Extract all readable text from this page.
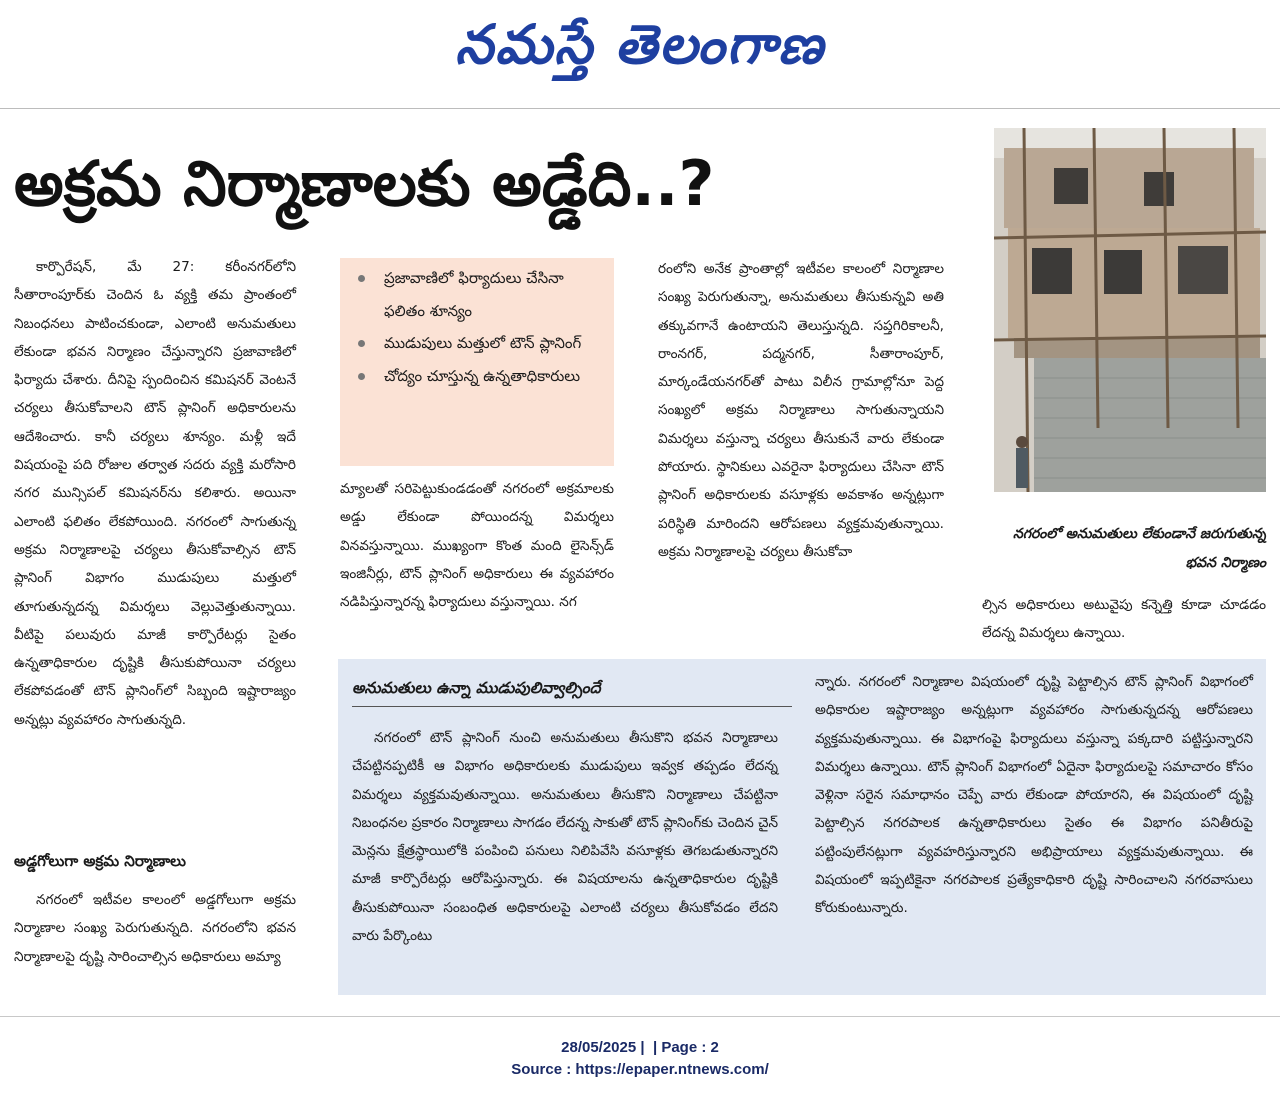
నమస్తే తెలంగాణ
అక్రమ నిర్మాణాలకు అడ్డేది..?

కార్పొరేషన్, మే 27: కరీంనగర్‌లోని సీతారాంపూర్‌కు చెందిన ఓ వ్యక్తి తమ ప్రాంతంలో నిబంధనలు పాటించకుండా, ఎలాంటి అనుమతులు లేకుండా భవన నిర్మాణం చేస్తున్నారని ప్రజావాణిలో ఫిర్యాదు చేశారు. దీనిపై స్పందించిన కమిషనర్ వెంటనే చర్యలు తీసుకోవాలని టౌన్ ప్లానింగ్ అధికారులను ఆదేశించారు. కానీ చర్యలు శూన్యం. మళ్లీ ఇదే విషయంపై పది రోజుల తర్వాత సదరు వ్యక్తి మరోసారి నగర మున్సిపల్ కమిషనర్‌ను కలిశారు. అయినా ఎలాంటి ఫలితం లేకపోయింది. నగరంలో సాగుతున్న అక్రమ నిర్మాణాలపై చర్యలు తీసుకోవాల్సిన టౌన్ ప్లానింగ్ విభాగం ముడుపులు మత్తులో తూగుతున్నదన్న విమర్శలు వెల్లువెత్తుతున్నాయి. వీటిపై పలువురు మాజీ కార్పొరేటర్లు సైతం ఉన్నతాధికారుల దృష్టికి తీసుకుపోయినా చర్యలు లేకపోవడంతో టౌన్ ప్లానింగ్‌లో సిబ్బంది ఇష్టారాజ్యం అన్నట్లు వ్యవహారం సాగుతున్నది.

అడ్డగోలుగా అక్రమ నిర్మాణాలు

నగరంలో ఇటీవల కాలంలో అడ్డగోలుగా అక్రమ నిర్మాణాల సంఖ్య పెరుగుతున్నది. నగరంలోని భవన నిర్మాణాలపై దృష్టి సారించాల్సిన అధికారులు అమ్యా

ప్రజావాణిలో ఫిర్యాదులు చేసినా ఫలితం శూన్యం
ముడుపులు మత్తులో టౌన్ ప్లానింగ్
చోద్యం చూస్తున్న ఉన్నతాధికారులు

మ్యాలతో సరిపెట్టుకుండడంతో నగరంలో అక్రమాలకు అడ్డు లేకుండా పోయిందన్న విమర్శలు వినవస్తున్నాయి. ముఖ్యంగా కొంత మంది లైసెన్స్‌డ్ ఇంజినీర్లు, టౌన్ ప్లానింగ్ అధికారులు ఈ వ్యవహారం నడిపిస్తున్నారన్న ఫిర్యాదులు వస్తున్నాయి. నగ

రంలోని అనేక ప్రాంతాల్లో ఇటీవల కాలంలో నిర్మాణాల సంఖ్య పెరుగుతున్నా, అనుమతులు తీసుకున్నవి అతి తక్కువగానే ఉంటాయని తెలుస్తున్నది. సప్తగిరికాలనీ, రాంనగర్, పద్మనగర్, సీతారాంపూర్, మార్కండేయనగర్‌తో పాటు విలీన గ్రామాల్లోనూ పెద్ద సంఖ్యలో అక్రమ నిర్మాణాలు సాగుతున్నాయని విమర్శలు వస్తున్నా చర్యలు తీసుకునే వారు లేకుండా పోయారు. స్థానికులు ఎవరైనా ఫిర్యాదులు చేసినా టౌన్ ప్లానింగ్ అధికారులకు వసూళ్లకు అవకాశం అన్నట్లుగా పరిస్థితి మారిందని ఆరోపణలు వ్యక్తమవుతున్నాయి. అక్రమ నిర్మాణాలపై చర్యలు తీసుకోవా

నగరంలో అనుమతులు లేకుండానే జరుగుతున్న భవన నిర్మాణం

ల్సిన అధికారులు అటువైపు కన్నెత్తి కూడా చూడడం లేదన్న విమర్శలు ఉన్నాయి.

అనుమతులు ఉన్నా ముడుపులివ్వాల్సిందే

నగరంలో టౌన్ ప్లానింగ్ నుంచి అనుమతులు తీసుకొని భవన నిర్మాణాలు చేపట్టినప్పటికీ ఆ విభాగం అధికారులకు ముడుపులు ఇవ్వక తప్పడం లేదన్న విమర్శలు వ్యక్తమవుతున్నాయి. అనుమతులు తీసుకొని నిర్మాణాలు చేపట్టినా నిబంధనల ప్రకారం నిర్మాణాలు సాగడం లేదన్న సాకుతో టౌన్ ప్లానింగ్‌కు చెందిన చైన్ మెన్లను క్షేత్రస్థాయిలోకి పంపించి పనులు నిలిపివేసి వసూళ్లకు తెగబడుతున్నారని మాజీ కార్పొరేటర్లు ఆరోపిస్తున్నారు. ఈ విషయాలను ఉన్నతాధికారుల దృష్టికి తీసుకుపోయినా సంబంధిత అధికారులపై ఎలాంటి చర్యలు తీసుకోవడం లేదని వారు పేర్కొంటు

న్నారు. నగరంలో నిర్మాణాల విషయంలో దృష్టి పెట్టాల్సిన టౌన్ ప్లానింగ్ విభాగంలో అధికారుల ఇష్టారాజ్యం అన్నట్లుగా వ్యవహారం సాగుతున్నదన్న ఆరోపణలు వ్యక్తమవుతున్నాయి. ఈ విభాగంపై ఫిర్యాదులు వస్తున్నా పక్కదారి పట్టిస్తున్నారని విమర్శలు ఉన్నాయి. టౌన్ ప్లానింగ్ విభాగంలో ఏదైనా ఫిర్యాదులపై సమాచారం కోసం వెళ్లినా సరైన సమాధానం చెప్పే వారు లేకుండా పోయారని, ఈ విషయంలో దృష్టి పెట్టాల్సిన నగరపాలక ఉన్నతాధికారులు సైతం ఈ విభాగం పనితీరుపై పట్టింపులేనట్లుగా వ్యవహరిస్తున్నారని అభిప్రాయాలు వ్యక్తమవుతున్నాయి. ఈ విషయంలో ఇప్పటికైనా నగరపాలక ప్రత్యేకాధికారి దృష్టి సారించాలని నగరవాసులు కోరుకుంటున్నారు.

28/05/2025 | | Page : 2
Source : https://epaper.ntnews.com/
